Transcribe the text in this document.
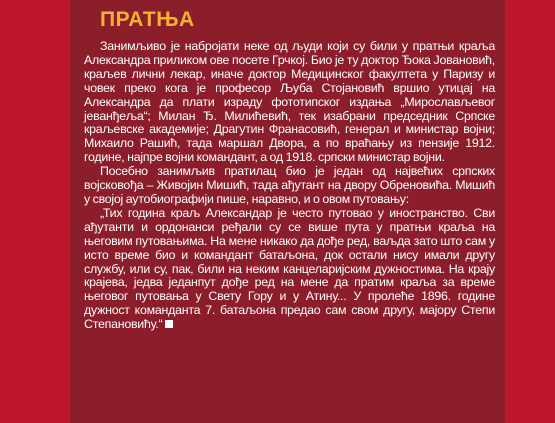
ПРАТЊА

Занимљиво је набројати неке од људи који су били у пратњи краља Александра приликом ове посете Грчкој. Био је ту доктор Ђока Јовановић, краљев лични лекар, иначе доктор Медицинског факултета у Паризу и човек преко кога је професор Љуба Стојановић вршио утицај на Александра да плати израду фототипског издања „Мирослављевог јеванђеља“; Милан Ђ. Милићевић, тек изабрани председник Српске краљевске академије; Драгутин Франасовић, генерал и министар војни; Михаило Рашић, тада маршал Двора, а по враћању из пензије 1912. године, најпре војни командант, а од 1918. српски министар војни.

Посебно занимљив пратилац био је један од највећих српских војсковођа – Живојин Мишић, тада ађутант на двору Обреновића. Мишић у својој аутобиографији пише, наравно, и о овом путовању:

„Тих година краљ Александар је често путовао у иностранство. Сви ађутанти и ордонанси ређали су се више пута у пратњи краља на његовим путовањима. На мене никако да дође ред, ваљда зато што сам у исто време био и командант батаљона, док остали нису имали другу службу, или су, пак, били на неким канцеларијским дужностима. На крају крајева, једва једанпут дође ред на мене да пратим краља за време његовог путовања у Свету Гору и у Атину... У пролеће 1896. године дужност команданта 7. батаљона предао сам свом другу, мајору Степи Степановићу.“
